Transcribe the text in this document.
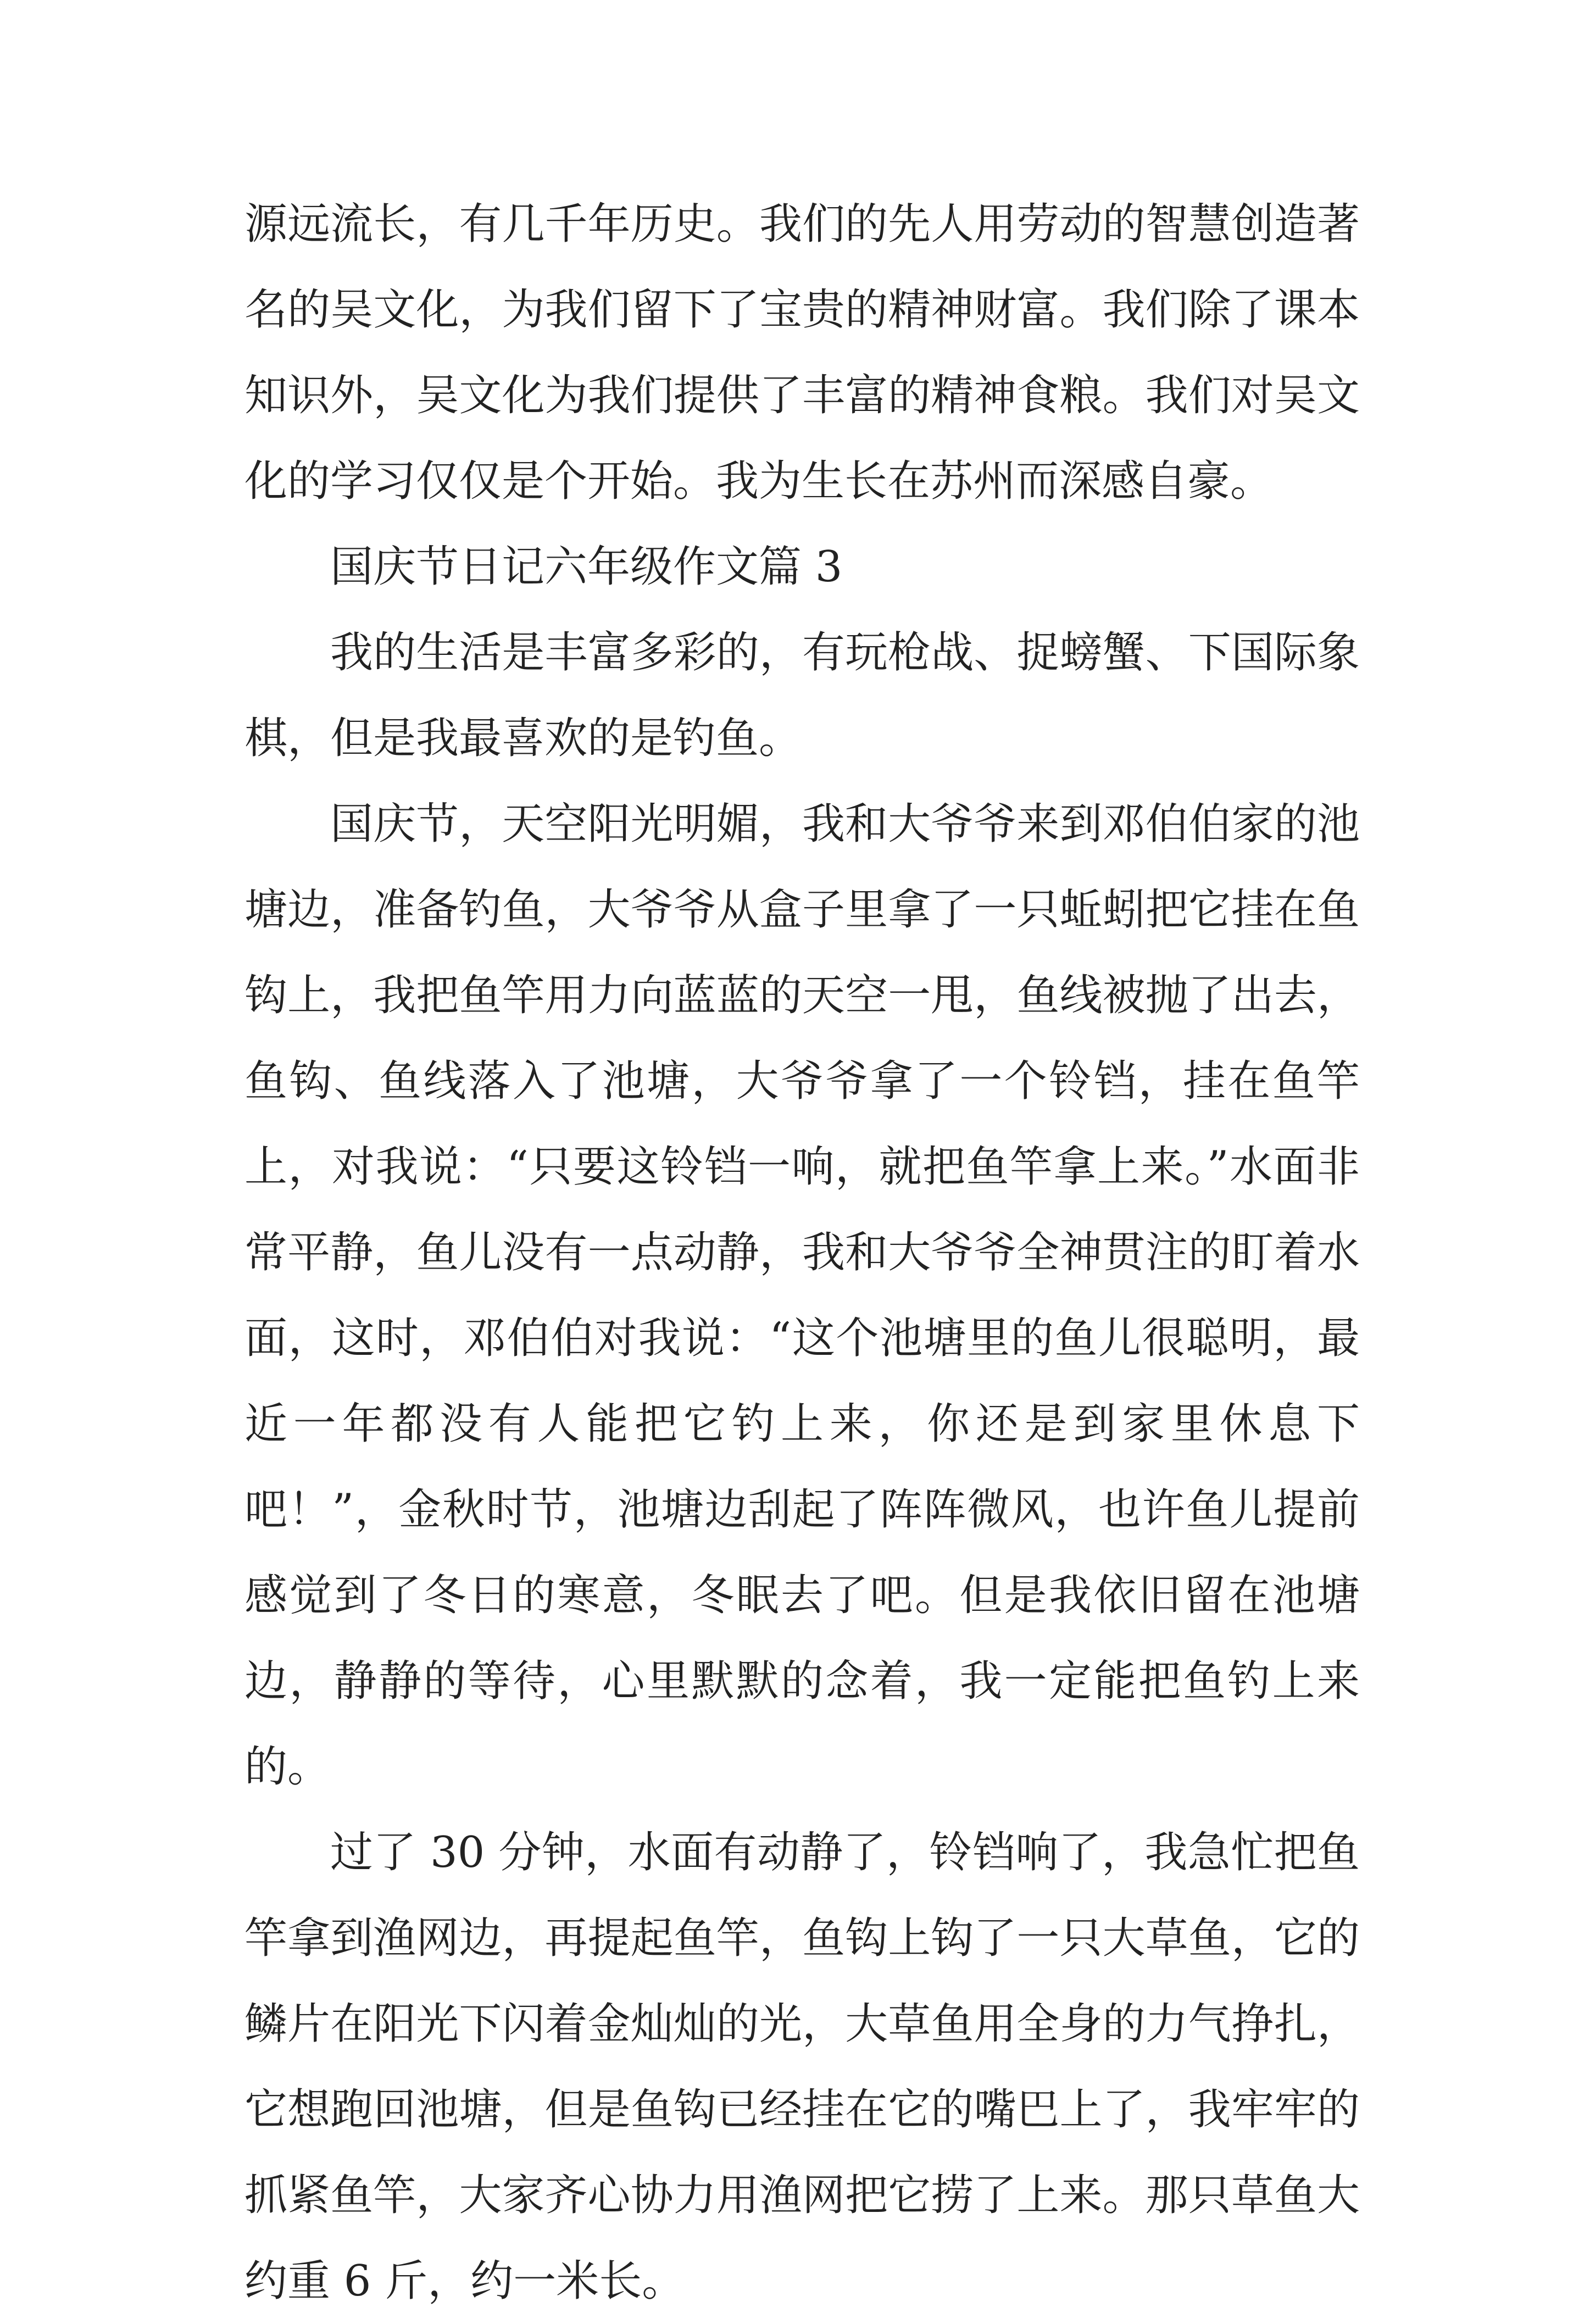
源远流长，有几千年历史。我们的先人用劳动的智慧创造著名的吴文化，为我们留下了宝贵的精神财富。我们除了课本知识外，吴文化为我们提供了丰富的精神食粮。我们对吴文化的学习仅仅是个开始。我为生长在苏州而深感自豪。

国庆节日记六年级作文篇 3

我的生活是丰富多彩的，有玩枪战、捉螃蟹、下国际象棋，但是我最喜欢的是钓鱼。

国庆节，天空阳光明媚，我和大爷爷来到邓伯伯家的池塘边，准备钓鱼，大爷爷从盒子里拿了一只蚯蚓把它挂在鱼钩上，我把鱼竿用力向蓝蓝的天空一甩，鱼线被抛了出去，鱼钩、鱼线落入了池塘，大爷爷拿了一个铃铛，挂在鱼竿上，对我说：“只要这铃铛一响，就把鱼竿拿上来。”水面非常平静，鱼儿没有一点动静，我和大爷爷全神贯注的盯着水面，这时，邓伯伯对我说：“这个池塘里的鱼儿很聪明，最近一年都没有人能把它钓上来，你还是到家里休息下吧！”，金秋时节，池塘边刮起了阵阵微风，也许鱼儿提前感觉到了冬日的寒意，冬眠去了吧。但是我依旧留在池塘边，静静的等待，心里默默的念着，我一定能把鱼钓上来的。

过了 30 分钟，水面有动静了，铃铛响了，我急忙把鱼竿拿到渔网边，再提起鱼竿，鱼钩上钩了一只大草鱼，它的鳞片在阳光下闪着金灿灿的光，大草鱼用全身的力气挣扎，它想跑回池塘，但是鱼钩已经挂在它的嘴巴上了，我牢牢的抓紧鱼竿，大家齐心协力用渔网把它捞了上来。那只草鱼大约重 6 斤，约一米长。
